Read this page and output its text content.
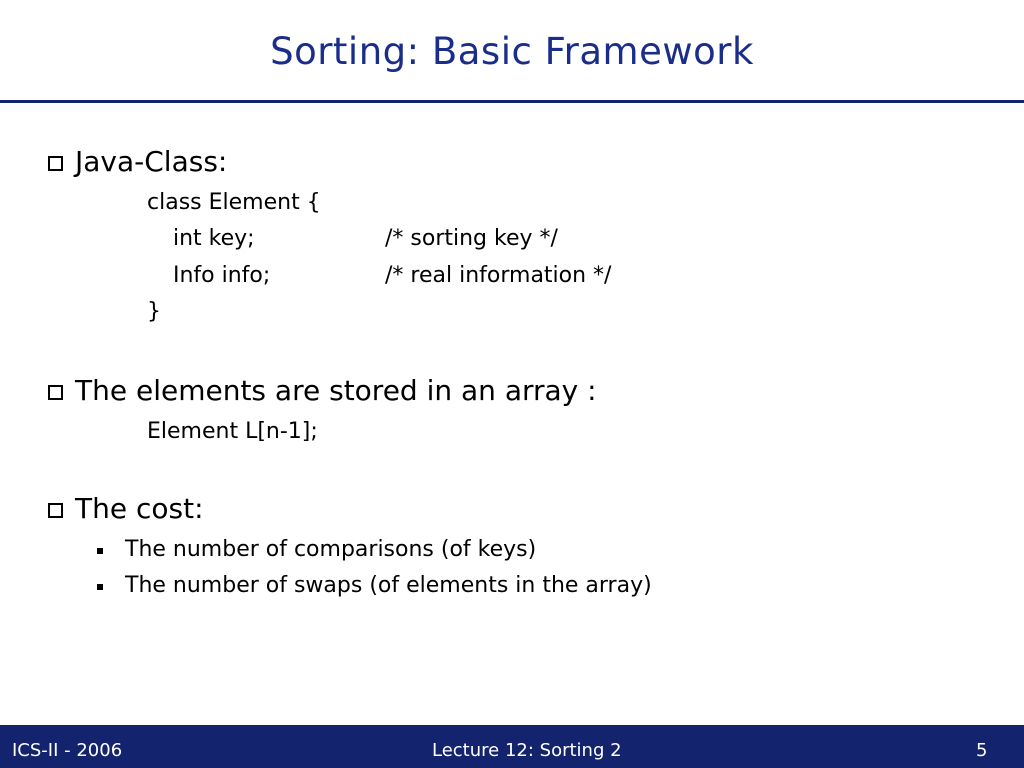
Sorting: Basic Framework
Java-Class:
class Element {
int key;	/* sorting key */
Info info;	/* real information */
}
The elements are stored in an array :
Element L[n-1];
The cost:
The number of comparisons (of keys)
The number of swaps (of elements in the array)
ICS-II - 2006	Lecture 12: Sorting 2	5
